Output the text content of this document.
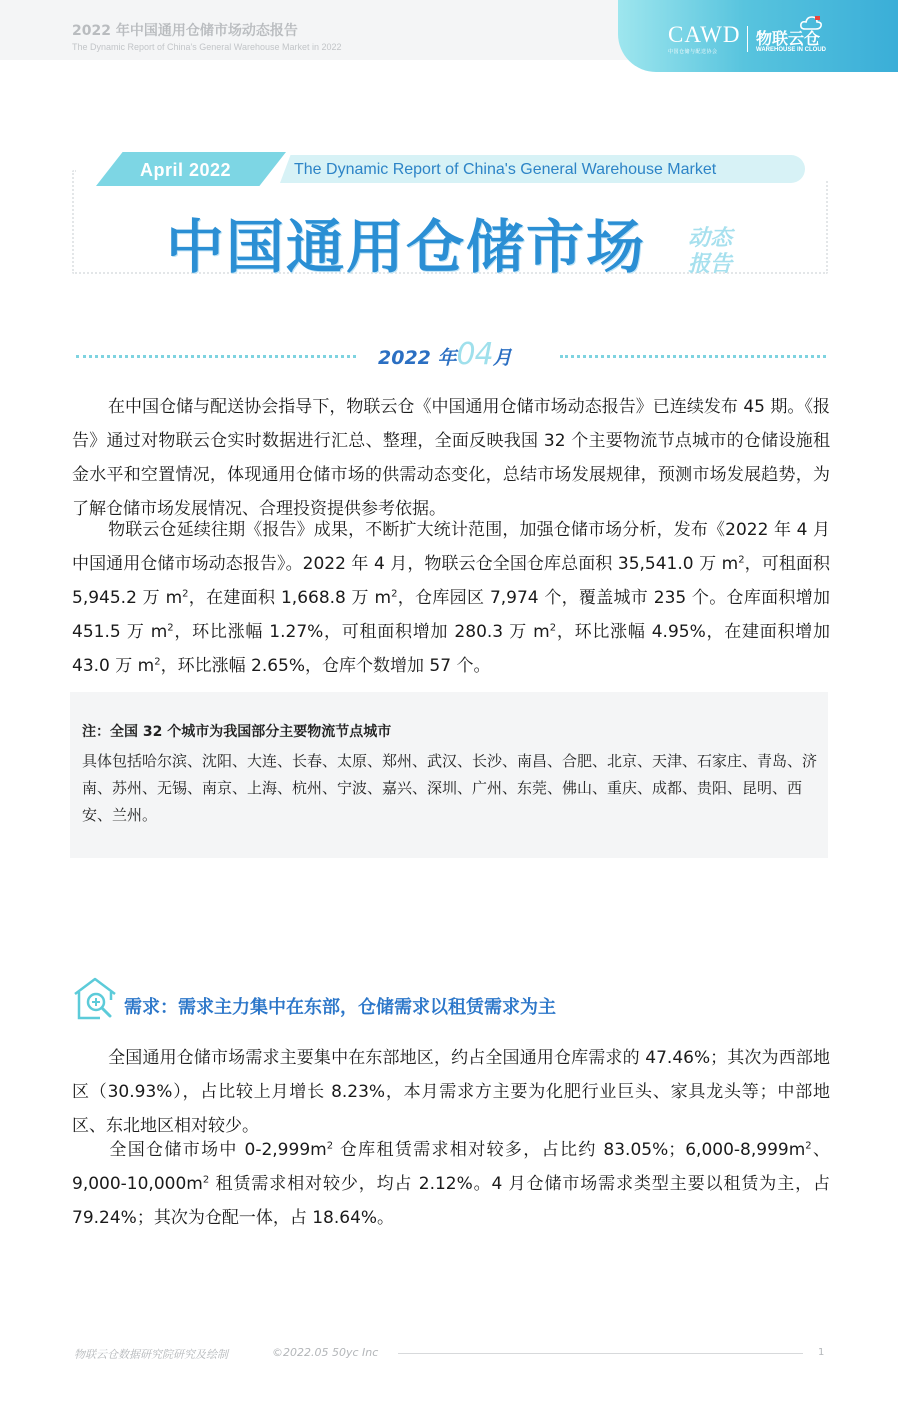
2022 年中国通用仓储市场动态报告
The Dynamic Report of China's General Warehouse Market in 2022	CAWD
中国仓储与配送协会
物联云仓
WAREHOUSE IN CLOUD
The Dynamic Report of China's General Warehouse Market
April 2022
中国通用仓储市场 动态报告
2022 年04月

在中国仓储与配送协会指导下，物联云仓《中国通用仓储市场动态报告》已连续发布 45 期。《报告》通过对物联云仓实时数据进行汇总、整理，全面反映我国 32 个主要物流节点城市的仓储设施租金水平和空置情况，体现通用仓储市场的供需动态变化，总结市场发展规律，预测市场发展趋势，为了解仓储市场发展情况、合理投资提供参考依据。

物联云仓延续往期《报告》成果，不断扩大统计范围，加强仓储市场分析，发布《2022 年 4 月中国通用仓储市场动态报告》。2022 年 4 月，物联云仓全国仓库总面积 35,541.0 万 $m^2$，可租面积 5,945.2 万 $m^2$，在建面积 1,668.8 万 $m^2$，仓库园区 7,974 个，覆盖城市 235 个。仓库面积增加 451.5 万 $m^2$，环比涨幅 1.27%，可租面积增加 280.3 万 $m^2$，环比涨幅 4.95%，在建面积增加 43.0 万 $m^2$，环比涨幅 2.65%，仓库个数增加 57 个。

注：全国 32 个城市为我国部分主要物流节点城市

具体包括哈尔滨、沈阳、大连、长春、太原、郑州、武汉、长沙、南昌、合肥、北京、天津、石家庄、青岛、济南、苏州、无锡、南京、上海、杭州、宁波、嘉兴、深圳、广州、东莞、佛山、重庆、成都、贵阳、昆明、西安、兰州。

需求：需求主力集中在东部，仓储需求以租赁需求为主

全国通用仓储市场需求主要集中在东部地区，约占全国通用仓库需求的 47.46%；其次为西部地区（30.93%），占比较上月增长 8.23%，本月需求方主要为化肥行业巨头、家具龙头等；中部地区、东北地区相对较少。

全国仓储市场中 $0-2,999m^2$ 仓库租赁需求相对较多，占比约 83.05%；$6,000-8,999m^2$、$9,000-10,000m^2$ 租赁需求相对较少，均占 2.12%。4 月仓储市场需求类型主要以租赁为主，占 79.24%；其次为仓配一体，占 18.64%。

物联云仓数据研究院研究及绘制	©2022.05 50yc Inc	1
